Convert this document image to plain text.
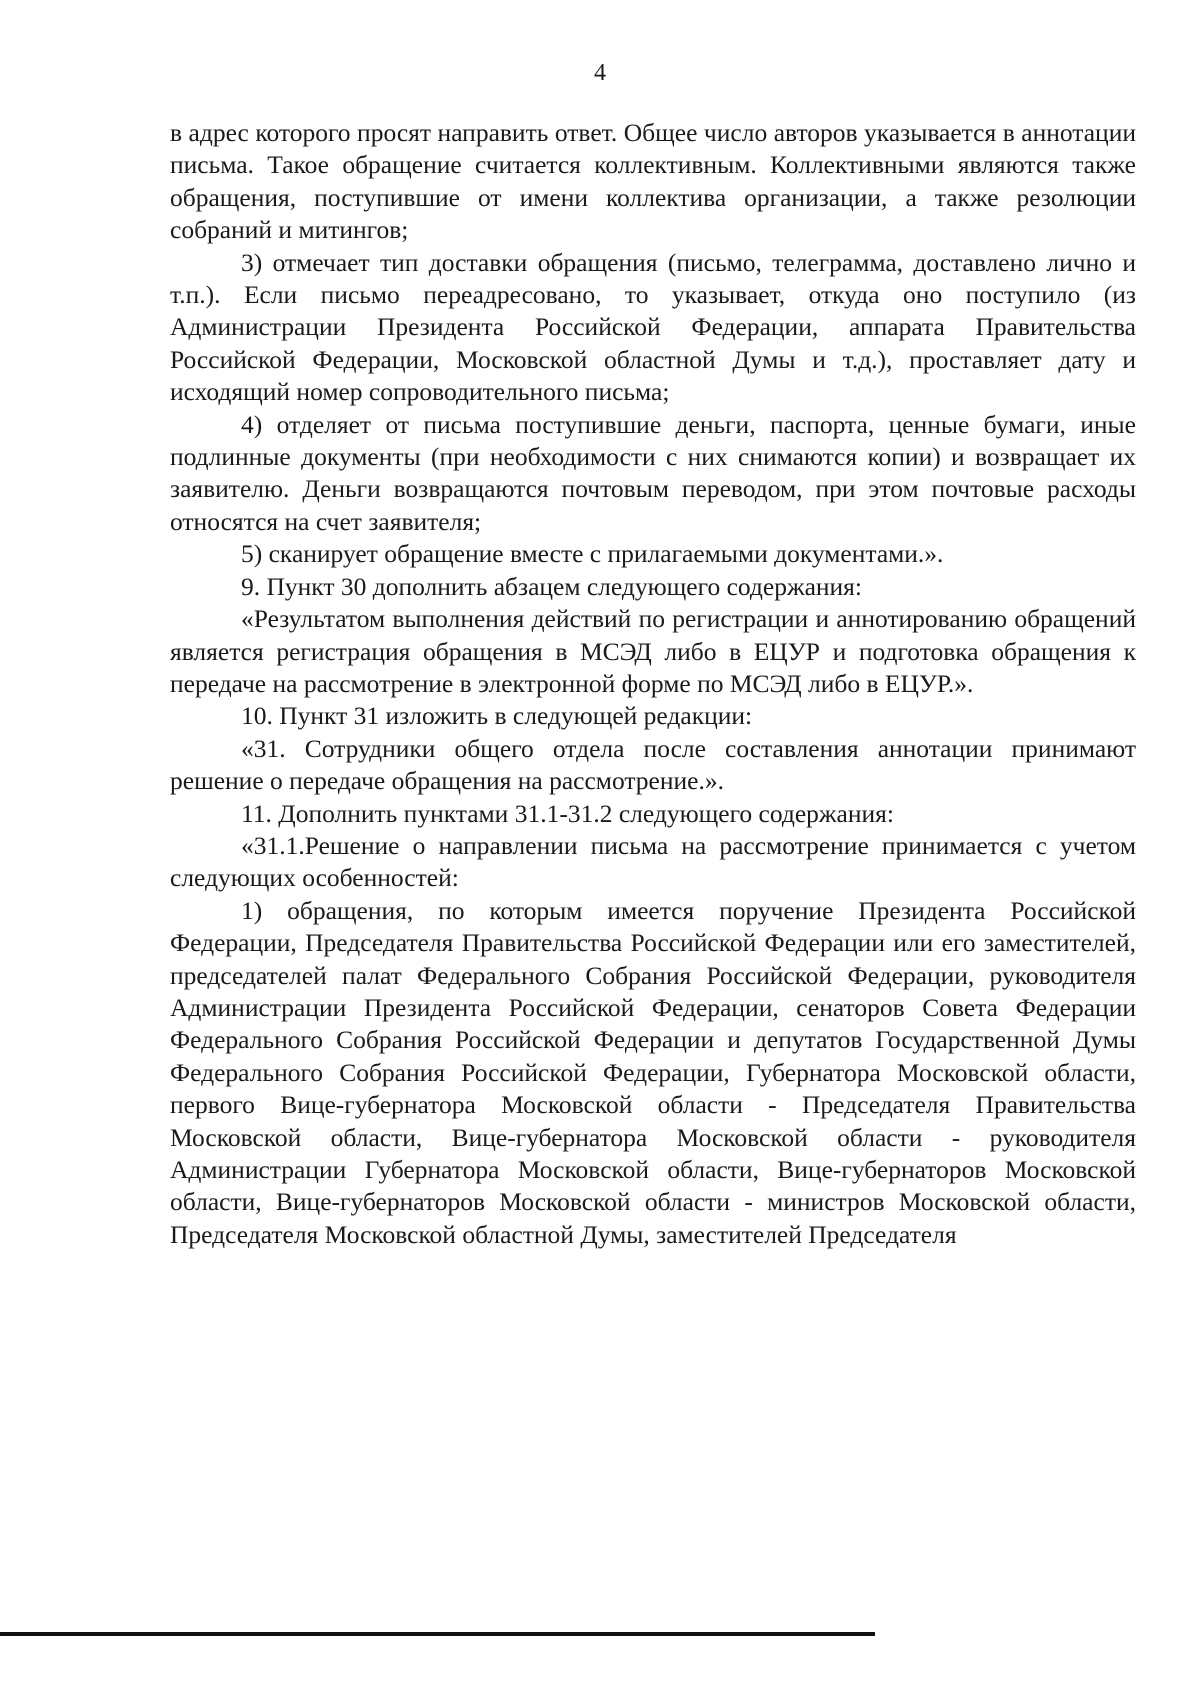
4

в адрес которого просят направить ответ. Общее число авторов указывается в аннотации письма. Такое обращение считается коллективным. Коллективными являются также обращения, поступившие от имени коллектива организации, а также резолюции собраний и митингов;

3) отмечает тип доставки обращения (письмо, телеграмма, доставлено лично и т.п.). Если письмо переадресовано, то указывает, откуда оно поступило (из Администрации Президента Российской Федерации, аппарата Правительства Российской Федерации, Московской областной Думы и т.д.), проставляет дату и исходящий номер сопроводительного письма;

4) отделяет от письма поступившие деньги, паспорта, ценные бумаги, иные подлинные документы (при необходимости с них снимаются копии) и возвращает их заявителю. Деньги возвращаются почтовым переводом, при этом почтовые расходы относятся на счет заявителя;

5) сканирует обращение вместе с прилагаемыми документами.».

9. Пункт 30 дополнить абзацем следующего содержания:

«Результатом выполнения действий по регистрации и аннотированию обращений является регистрация обращения в МСЭД либо в ЕЦУР и подготовка обращения к передаче на рассмотрение в электронной форме по МСЭД либо в ЕЦУР.».

10. Пункт 31 изложить в следующей редакции:

«31. Сотрудники общего отдела после составления аннотации принимают решение о передаче обращения на рассмотрение.».

11. Дополнить пунктами 31.1-31.2 следующего содержания:

«31.1.Решение о направлении письма на рассмотрение принимается с учетом следующих особенностей:

1) обращения, по которым имеется поручение Президента Российской Федерации, Председателя Правительства Российской Федерации или его заместителей, председателей палат Федерального Собрания Российской Федерации, руководителя Администрации Президента Российской Федерации, сенаторов Совета Федерации Федерального Собрания Российской Федерации и депутатов Государственной Думы Федерального Собрания Российской Федерации, Губернатора Московской области, первого Вице-губернатора Московской области - Председателя Правительства Московской области, Вице-губернатора Московской области - руководителя Администрации Губернатора Московской области, Вице-губернаторов Московской области, Вице-губернаторов Московской области - министров Московской области, Председателя Московской областной Думы, заместителей Председателя
